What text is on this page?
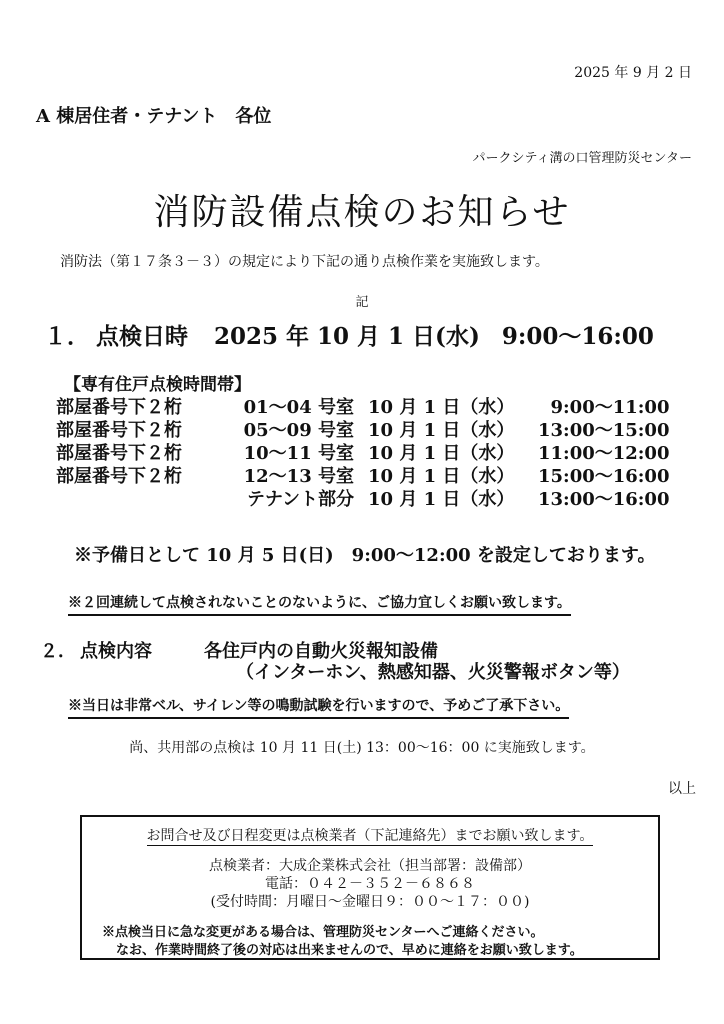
2025 年 9 月 2 日
A 棟居住者・テナント　各位
パークシティ溝の口管理防災センター
消防設備点検のお知らせ
消防法（第１７条３－３）の規定により下記の通り点検作業を実施致します。
記
１． 点検日時 2025 年 10 月 1 日(水) 9:00～16:00
【専有住戸点検時間帯】
部屋番号下２桁	01～04 号室	10 月 1 日（水）	9:00～11:00
部屋番号下２桁	05～09 号室	10 月 1 日（水）	13:00～15:00
部屋番号下２桁	10～11 号室	10 月 1 日（水）	11:00～12:00
部屋番号下２桁	12～13 号室	10 月 1 日（水）	15:00～16:00
	テナント部分	10 月 1 日（水）	13:00～16:00
※予備日として 10 月 5 日(日)　9:00～12:00 を設定しております。
※２回連続して点検されないことのないように、ご協力宜しくお願い致します。
２． 点検内容	各住戸内の自動火災報知設備
（インターホン、熱感知器、火災警報ボタン等）
※当日は非常ベル、サイレン等の鳴動試験を行いますので、予めご了承下さい。
尚、共用部の点検は 10 月 11 日(土) 13：00～16：00 に実施致します。
以上
お問合せ及び日程変更は点検業者（下記連絡先）までお願い致します。
点検業者：大成企業株式会社（担当部署：設備部）
電話：０４２－３５２－６８６８
(受付時間：月曜日～金曜日９：００～１７：００)
※点検当日に急な変更がある場合は、管理防災センターへご連絡ください。
なお、作業時間終了後の対応は出来ませんので、早めに連絡をお願い致します。
